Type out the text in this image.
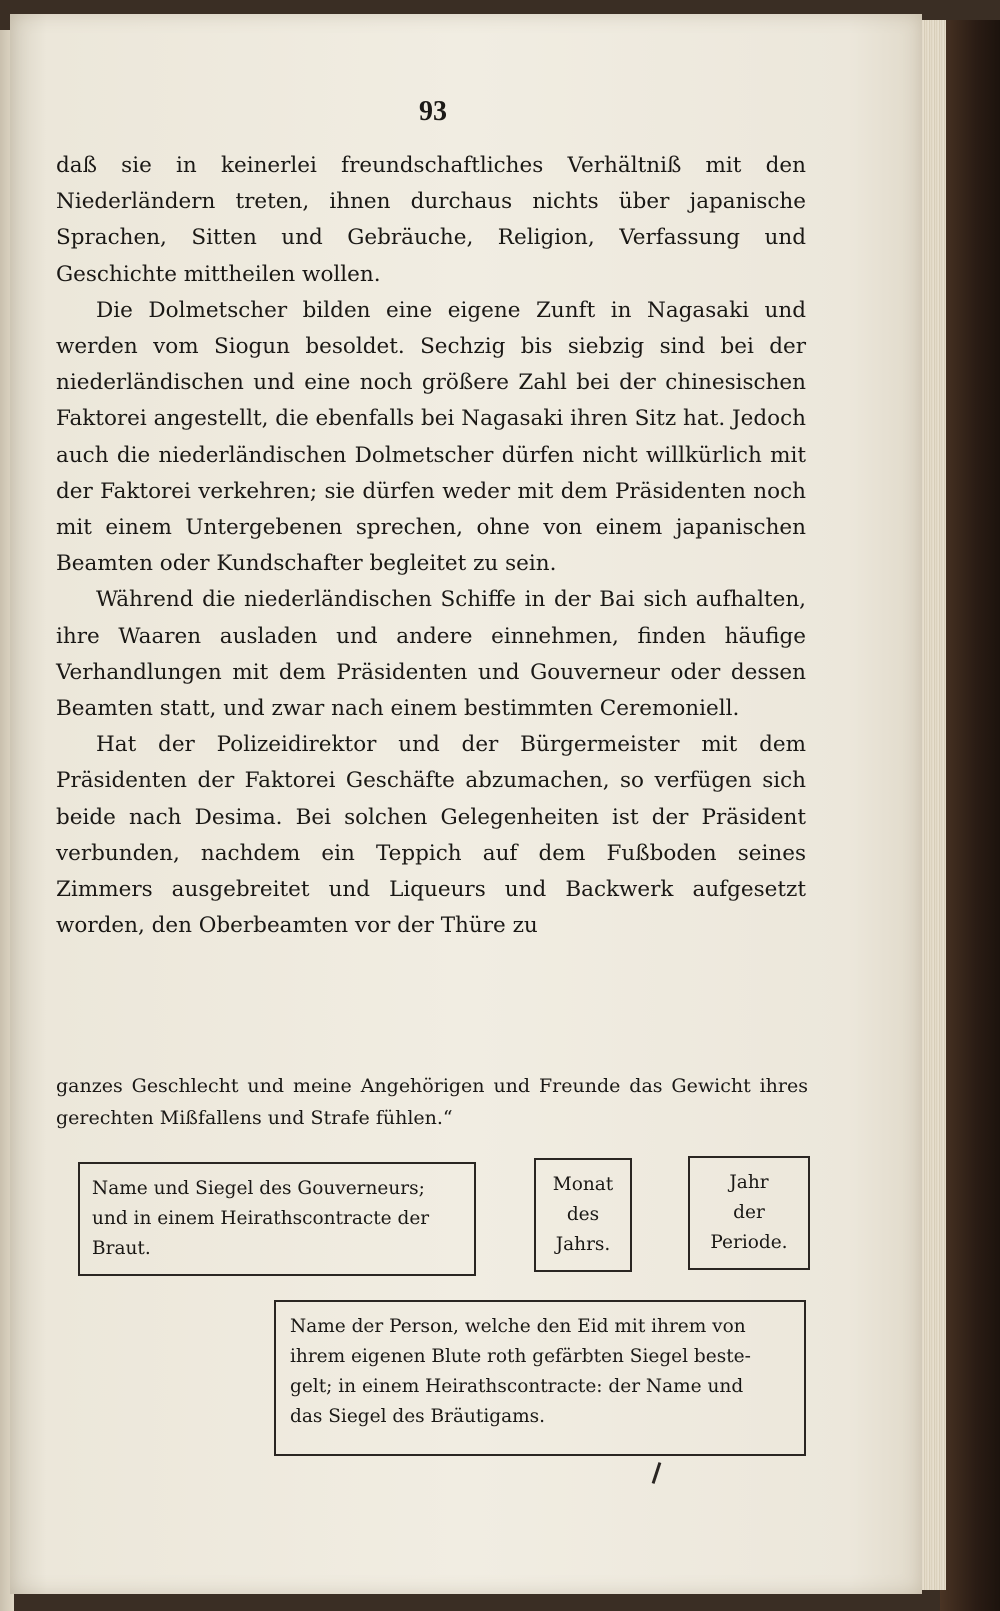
93

daß sie in keinerlei freundschaftliches Verhältniß mit den Niederländern treten, ihnen durchaus nichts über japanische Sprachen, Sitten und Gebräuche, Religion, Verfassung und Geschichte mittheilen wollen.

Die Dolmetscher bilden eine eigene Zunft in Nagasaki und werden vom Siogun besoldet. Sechzig bis siebzig sind bei der niederländischen und eine noch größere Zahl bei der chinesischen Faktorei angestellt, die ebenfalls bei Nagasaki ihren Sitz hat. Jedoch auch die niederländischen Dolmetscher dürfen nicht willkürlich mit der Faktorei verkehren; sie dürfen weder mit dem Präsidenten noch mit einem Untergebenen sprechen, ohne von einem japanischen Beamten oder Kundschafter begleitet zu sein.

Während die niederländischen Schiffe in der Bai sich aufhalten, ihre Waaren ausladen und andere einnehmen, finden häufige Verhandlungen mit dem Präsidenten und Gouverneur oder dessen Beamten statt, und zwar nach einem bestimmten Ceremoniell.

Hat der Polizeidirektor und der Bürgermeister mit dem Präsidenten der Faktorei Geschäfte abzumachen, so verfügen sich beide nach Desima. Bei solchen Gelegenheiten ist der Präsident verbunden, nachdem ein Teppich auf dem Fußboden seines Zimmers ausgebreitet und Liqueurs und Backwerk aufgesetzt worden, den Oberbeamten vor der Thüre zu

ganzes Geschlecht und meine Angehörigen und Freunde das Gewicht ihres gerechten Mißfallens und Strafe fühlen.“

Name und Siegel des Gouverneurs;
und in einem Heirathscontracte der
Braut.
Monat
des
Jahrs.
Jahr
der
Periode.
Name der Person, welche den Eid mit ihrem von
ihrem eigenen Blute roth gefärbten Siegel beste-
gelt; in einem Heirathscontracte: der Name und
das Siegel des Bräutigams.
